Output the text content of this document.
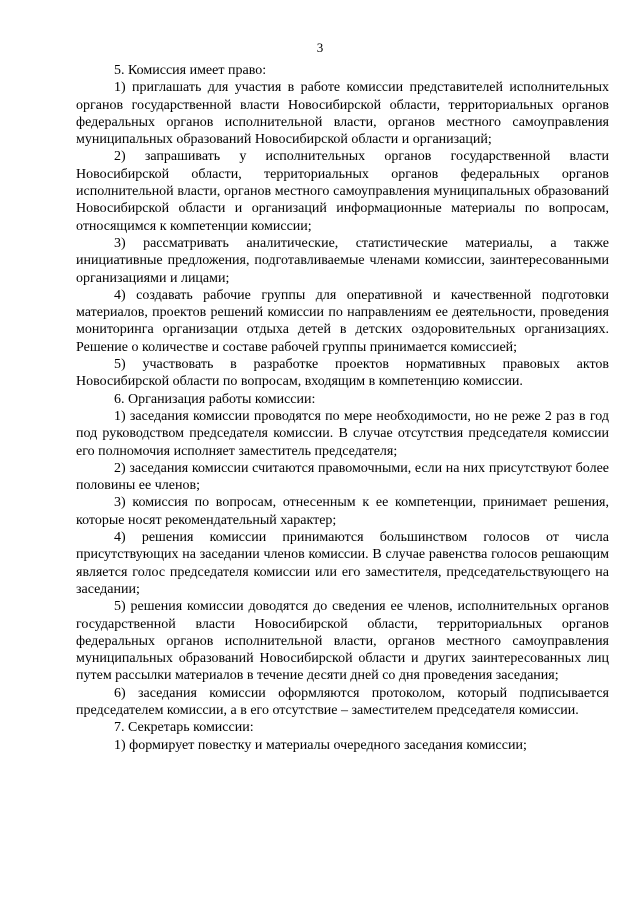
3

5. Комиссия имеет право:

1) приглашать для участия в работе комиссии представителей исполнительных органов государственной власти Новосибирской области, территориальных органов федеральных органов исполнительной власти, органов местного самоуправления муниципальных образований Новосибирской области и организаций;

2) запрашивать у исполнительных органов государственной власти Новосибирской области, территориальных органов федеральных органов исполнительной власти, органов местного самоуправления муниципальных образований Новосибирской области и организаций информационные материалы по вопросам, относящимся к компетенции комиссии;

3) рассматривать аналитические, статистические материалы, а также инициативные предложения, подготавливаемые членами комиссии, заинтересованными организациями и лицами;

4) создавать рабочие группы для оперативной и качественной подготовки материалов, проектов решений комиссии по направлениям ее деятельности, проведения мониторинга организации отдыха детей в детских оздоровительных организациях. Решение о количестве и составе рабочей группы принимается комиссией;

5) участвовать в разработке проектов нормативных правовых актов Новосибирской области по вопросам, входящим в компетенцию комиссии.

6. Организация работы комиссии:

1) заседания комиссии проводятся по мере необходимости, но не реже 2 раз в год под руководством председателя комиссии. В случае отсутствия председателя комиссии его полномочия исполняет заместитель председателя;

2) заседания комиссии считаются правомочными, если на них присутствуют более половины ее членов;

3) комиссия по вопросам, отнесенным к ее компетенции, принимает решения, которые носят рекомендательный характер;

4) решения комиссии принимаются большинством голосов от числа присутствующих на заседании членов комиссии. В случае равенства голосов решающим является голос председателя комиссии или его заместителя, председательствующего на заседании;

5) решения комиссии доводятся до сведения ее членов, исполнительных органов государственной власти Новосибирской области, территориальных органов федеральных органов исполнительной власти, органов местного самоуправления муниципальных образований Новосибирской области и других заинтересованных лиц путем рассылки материалов в течение десяти дней со дня проведения заседания;

6) заседания комиссии оформляются протоколом, который подписывается председателем комиссии, а в его отсутствие – заместителем председателя комиссии.

7. Секретарь комиссии:

1) формирует повестку и материалы очередного заседания комиссии;
